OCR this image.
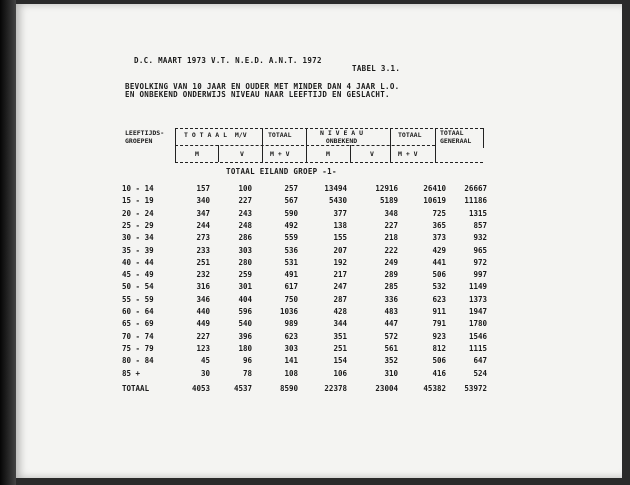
D.C. MAART 1973 V.T. N.E.D. A.N.T. 1972
TABEL 3.1.
BEVOLKING VAN 10 JAAR EN OUDER MET MINDER DAN 4 JAAR L.O.
EN ONBEKEND ONDERWIJS NIVEAU NAAR LEEFTIJD EN GESLACHT.
LEEFTIJDS-
GROEPEN
T O T A A L  M/V	TOTAAL	N I V E A U
ONBEKEND
TOTAAL	TOTAAL
GENERAAL
M	V	M + V	M	V	M + V
TOTAAL EILAND GROEP -1-
10 - 14	157	100	257	13494	12916	26410	26667
15 - 19	340	227	567	5430	5189	10619	11186
20 - 24	347	243	590	377	348	725	1315
25 - 29	244	248	492	138	227	365	857
30 - 34	273	286	559	155	218	373	932
35 - 39	233	303	536	207	222	429	965
40 - 44	251	280	531	192	249	441	972
45 - 49	232	259	491	217	289	506	997
50 - 54	316	301	617	247	285	532	1149
55 - 59	346	404	750	287	336	623	1373
60 - 64	440	596	1036	428	483	911	1947
65 - 69	449	540	989	344	447	791	1780
70 - 74	227	396	623	351	572	923	1546
75 - 79	123	180	303	251	561	812	1115
80 - 84	45	96	141	154	352	506	647
85 +	30	78	108	106	310	416	524
TOTAAL	4053	4537	8590	22378	23004	45382	53972
